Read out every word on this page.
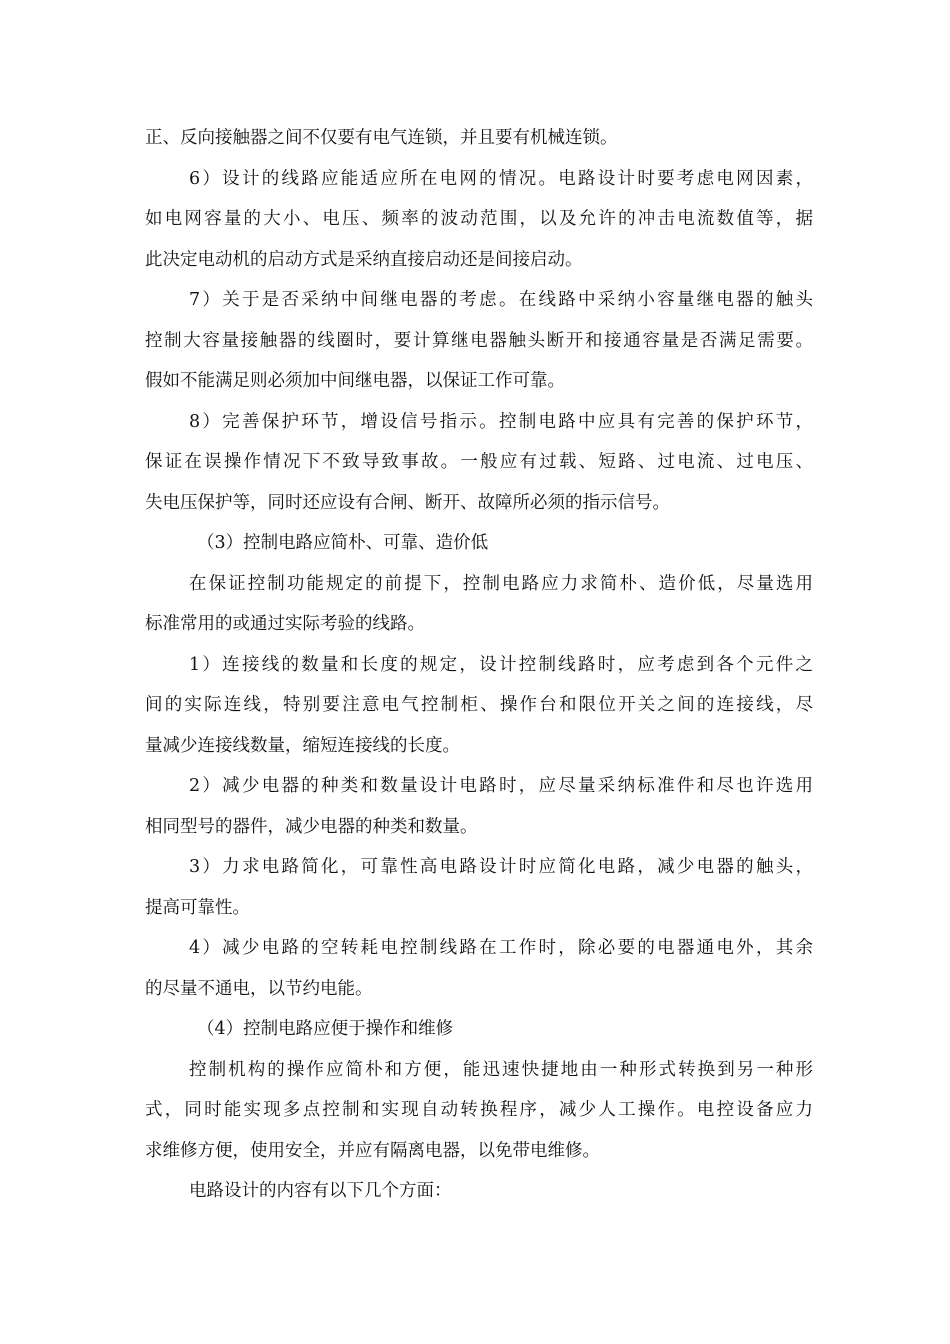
正、反向接触器之间不仅要有电气连锁，并且要有机械连锁。
6）设计的线路应能适应所在电网的情况。电路设计时要考虑电网因素，
如电网容量的大小、电压、频率的波动范围，以及允许的冲击电流数值等，据
此决定电动机的启动方式是采纳直接启动还是间接启动。
7）关于是否采纳中间继电器的考虑。在线路中采纳小容量继电器的触头
控制大容量接触器的线圈时，要计算继电器触头断开和接通容量是否满足需要。
假如不能满足则必须加中间继电器，以保证工作可靠。
8）完善保护环节，增设信号指示。控制电路中应具有完善的保护环节，
保证在误操作情况下不致导致事故。一般应有过载、短路、过电流、过电压、
失电压保护等，同时还应设有合闸、断开、故障所必须的指示信号。
（3）控制电路应简朴、可靠、造价低
在保证控制功能规定的前提下，控制电路应力求简朴、造价低，尽量选用
标准常用的或通过实际考验的线路。
1）连接线的数量和长度的规定，设计控制线路时，应考虑到各个元件之
间的实际连线，特别要注意电气控制柜、操作台和限位开关之间的连接线，尽
量减少连接线数量，缩短连接线的长度。
2）减少电器的种类和数量设计电路时，应尽量采纳标准件和尽也许选用
相同型号的器件，减少电器的种类和数量。
3）力求电路简化，可靠性高电路设计时应简化电路，减少电器的触头，
提高可靠性。
4）减少电路的空转耗电控制线路在工作时，除必要的电器通电外，其余
的尽量不通电，以节约电能。
（4）控制电路应便于操作和维修
控制机构的操作应简朴和方便，能迅速快捷地由一种形式转换到另一种形
式，同时能实现多点控制和实现自动转换程序，减少人工操作。电控设备应力
求维修方便，使用安全，并应有隔离电器，以免带电维修。
电路设计的内容有以下几个方面：
